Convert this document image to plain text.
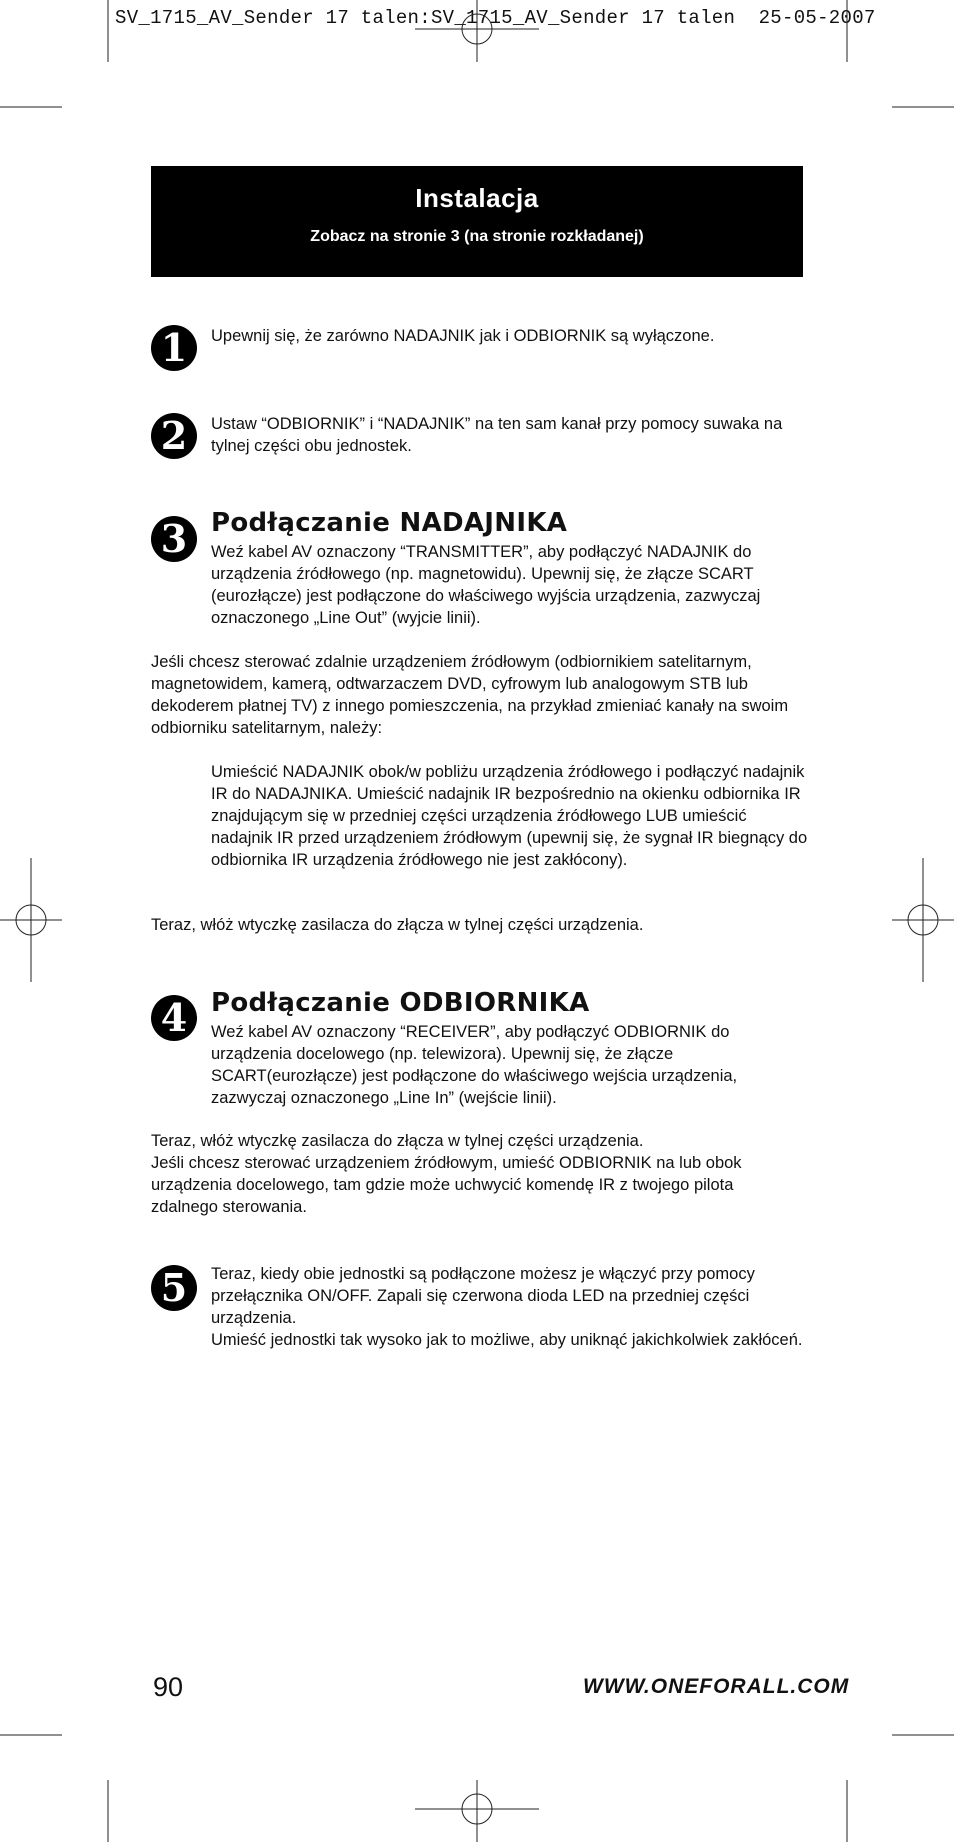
SV_1715_AV_Sender 17 talen:SV_1715_AV_Sender 17 talen  25-05-2007
Instalacja
Zobacz na stronie 3 (na stronie rozkładanej)
1	Upewnij się, że zarówno NADAJNIK jak i ODBIORNIK są wyłączone.

2	Ustaw “ODBIORNIK” i “NADAJNIK” na ten sam kanał przy pomocy suwaka na tylnej części obu jednostek.

3 Podłączanie NADAJNIKA

Weź kabel AV oznaczony “TRANSMITTER”, aby podłączyć NADAJNIK do urządzenia źródłowego (np. magnetowidu). Upewnij się, że złącze SCART (eurozłącze) jest podłączone do właściwego wyjścia urządzenia, zazwyczaj oznaczonego „Line Out” (wyjcie linii).

Jeśli chcesz sterować zdalnie urządzeniem źródłowym (odbiornikiem satelitarnym, magnetowidem, kamerą, odtwarzaczem DVD, cyfrowym lub analogowym STB lub dekoderem płatnej TV) z innego pomieszczenia, na przykład zmieniać kanały na swoim odbiorniku satelitarnym, należy:

Umieścić NADAJNIK obok/w pobliżu urządzenia źródłowego i podłączyć nadajnik IR do NADAJNIKA. Umieścić nadajnik IR bezpośrednio na okienku odbiornika IR znajdującym się w przedniej części urządzenia źródłowego LUB umieścić nadajnik IR przed urządzeniem źródłowym (upewnij się, że sygnał IR biegnący do odbiornika IR urządzenia źródłowego nie jest zakłócony).

Teraz, włóż wtyczkę zasilacza do złącza w tylnej części urządzenia.

4 Podłączanie ODBIORNIKA

Weź kabel AV oznaczony “RECEIVER”, aby podłączyć ODBIORNIK do urządzenia docelowego (np. telewizora). Upewnij się, że złącze SCART(eurozłącze) jest podłączone do właściwego wejścia urządzenia, zazwyczaj oznaczonego „Line In” (wejście linii).

Teraz, włóż wtyczkę zasilacza do złącza w tylnej części urządzenia.

Jeśli chcesz sterować urządzeniem źródłowym, umieść ODBIORNIK na lub obok urządzenia docelowego, tam gdzie może uchwycić komendę IR z twojego pilota zdalnego sterowania.

5	Teraz, kiedy obie jednostki są podłączone możesz je włączyć przy pomocy przełącznika ON/OFF. Zapali się czerwona dioda LED na przedniej części urządzenia.

Umieść jednostki tak wysoko jak to możliwe, aby uniknąć jakichkolwiek zakłóceń.

90	WWW.ONEFORALL.COM
